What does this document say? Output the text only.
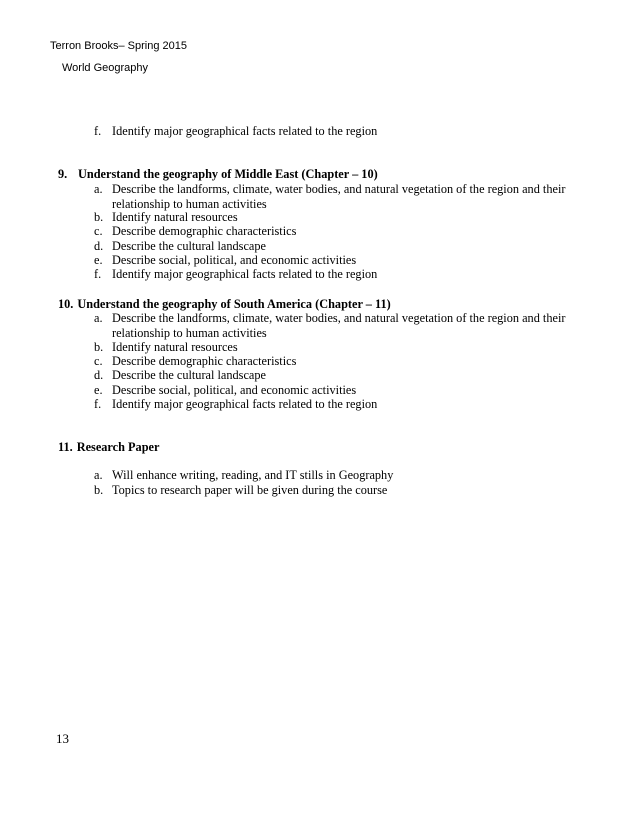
Terron Brooks– Spring 2015
World Geography
f. Identify major geographical facts related to the region
9. Understand the geography of Middle East (Chapter – 10)
a. Describe the landforms, climate, water bodies, and natural vegetation of the region and their relationship to human activities
b. Identify natural resources
c. Describe demographic characteristics
d. Describe the cultural landscape
e. Describe social, political, and economic activities
f. Identify major geographical facts related to the region
10. Understand the geography of South America (Chapter – 11)
a. Describe the landforms, climate, water bodies, and natural vegetation of the region and their relationship to human activities
b. Identify natural resources
c. Describe demographic characteristics
d. Describe the cultural landscape
e. Describe social, political, and economic activities
f. Identify major geographical facts related to the region
11. Research Paper
a. Will enhance writing, reading, and IT stills in Geography
b. Topics to research paper will be given during the course
13
